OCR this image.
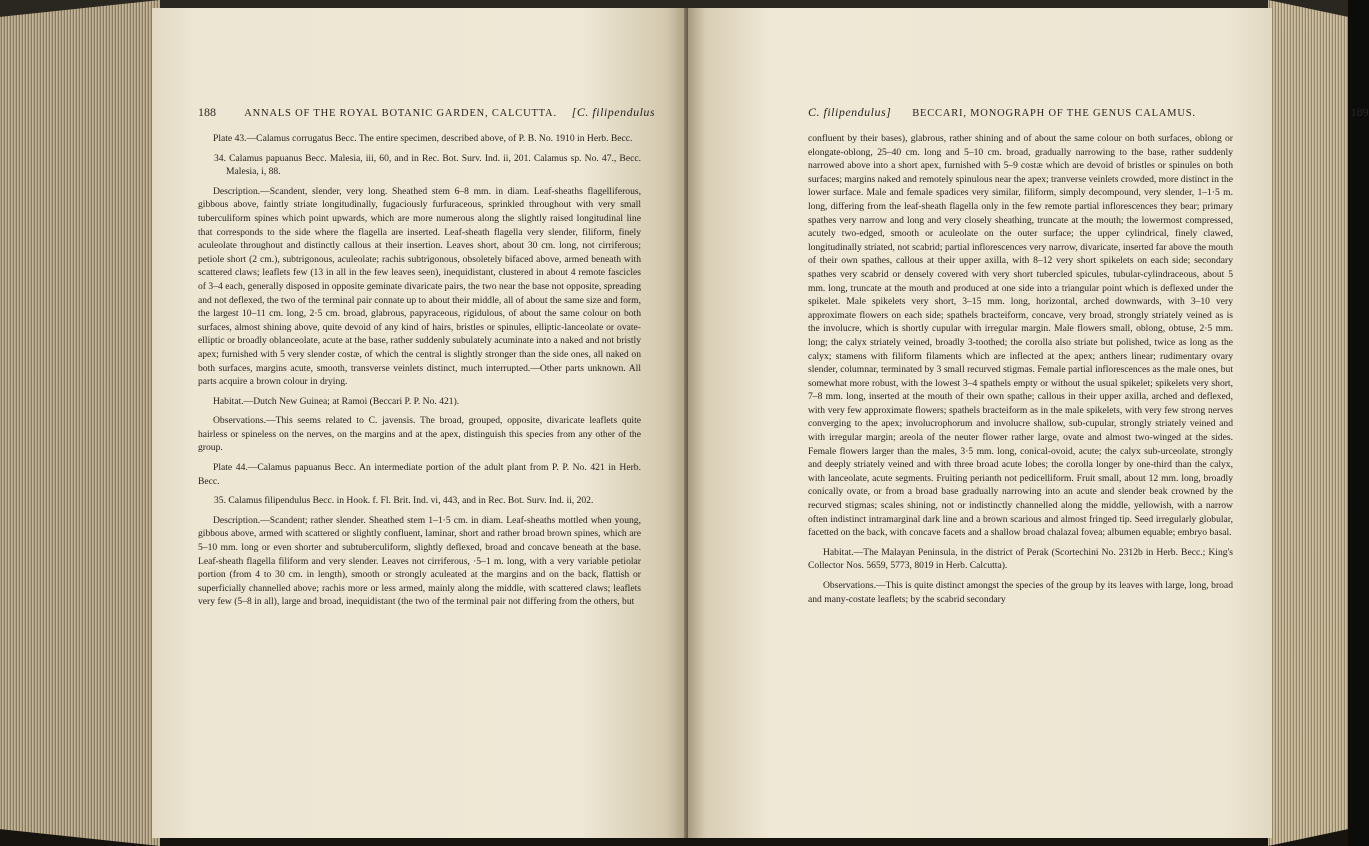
188	ANNALS OF THE ROYAL BOTANIC GARDEN, CALCUTTA. [C. filipendulus

Plate 43.—Calamus corrugatus Becc. The entire specimen, described above, of P. B. No. 1910 in Herb. Becc.

34. Calamus papuanus Becc. Malesia, iii, 60, and in Rec. Bot. Surv. Ind. ii, 201. Calamus sp. No. 47., Becc. Malesia, i, 88.

Description.—Scandent, slender, very long. Sheathed stem 6–8 mm. in diam. Leaf-sheaths flagelliferous, gibbous above, faintly striate longitudinally, fugaciously furfuraceous, sprinkled throughout with very small tuberculiform spines which point upwards, which are more numerous along the slightly raised longitudinal line that corresponds to the side where the flagella are inserted. Leaf-sheath flagella very slender, filiform, finely aculeolate throughout and distinctly callous at their insertion. Leaves short, about 30 cm. long, not cirriferous; petiole short (2 cm.), subtrigonous, aculeolate; rachis subtrigonous, obsoletely bifaced above, armed beneath with scattered claws; leaflets few (13 in all in the few leaves seen), inequidistant, clustered in about 4 remote fascicles of 3–4 each, generally disposed in opposite geminate divaricate pairs, the two near the base not opposite, spreading and not deflexed, the two of the terminal pair connate up to about their middle, all of about the same size and form, the largest 10–11 cm. long, 2·5 cm. broad, glabrous, papyraceous, rigidulous, of about the same colour on both surfaces, almost shining above, quite devoid of any kind of hairs, bristles or spinules, elliptic-lanceolate or ovate-elliptic or broadly oblanceolate, acute at the base, rather suddenly subulately acuminate into a naked and not bristly apex; furnished with 5 very slender costæ, of which the central is slightly stronger than the side ones, all naked on both surfaces, margins acute, smooth, transverse veinlets distinct, much interrupted.—Other parts unknown. All parts acquire a brown colour in drying.

Habitat.—Dutch New Guinea; at Ramoi (Beccari P. P. No. 421).

Observations.—This seems related to C. javensis. The broad, grouped, opposite, divaricate leaflets quite hairless or spineless on the nerves, on the margins and at the apex, distinguish this species from any other of the group.

Plate 44.—Calamus papuanus Becc. An intermediate portion of the adult plant from P. P. No. 421 in Herb. Becc.

35. Calamus filipendulus Becc. in Hook. f. Fl. Brit. Ind. vi, 443, and in Rec. Bot. Surv. Ind. ii, 202.

Description.—Scandent; rather slender. Sheathed stem 1–1·5 cm. in diam. Leaf-sheaths mottled when young, gibbous above, armed with scattered or slightly confluent, laminar, short and rather broad brown spines, which are 5–10 mm. long or even shorter and subtuberculiform, slightly deflexed, broad and concave beneath at the base. Leaf-sheath flagella filiform and very slender. Leaves not cirriferous, ·5–1 m. long, with a very variable petiolar portion (from 4 to 30 cm. in length), smooth or strongly aculeated at the margins and on the back, flattish or superficially channelled above; rachis more or less armed, mainly along the middle, with scattered claws; leaflets very few (5–8 in all), large and broad, inequidistant (the two of the terminal pair not differing from the others, but

C. filipendulus] BECCARI, MONOGRAPH OF THE GENUS CALAMUS.	189

confluent by their bases), glabrous, rather shining and of about the same colour on both surfaces, oblong or elongate-oblong, 25–40 cm. long and 5–10 cm. broad, gradually narrowing to the base, rather suddenly narrowed above into a short apex, furnished with 5–9 costæ which are devoid of bristles or spinules on both surfaces; margins naked and remotely spinulous near the apex; tranverse veinlets crowded, more distinct in the lower surface. Male and female spadices very similar, filiform, simply decompound, very slender, 1–1·5 m. long, differing from the leaf-sheath flagella only in the few remote partial inflorescences they bear; primary spathes very narrow and long and very closely sheathing, truncate at the mouth; the lowermost compressed, acutely two-edged, smooth or aculeolate on the outer surface; the upper cylindrical, finely clawed, longitudinally striated, not scabrid; partial inflorescences very narrow, divaricate, inserted far above the mouth of their own spathes, callous at their upper axilla, with 8–12 very short spikelets on each side; secondary spathes very scabrid or densely covered with very short tubercled spicules, tubular-cylindraceous, about 5 mm. long, truncate at the mouth and produced at one side into a triangular point which is deflexed under the spikelet. Male spikelets very short, 3–15 mm. long, horizontal, arched downwards, with 3–10 very approximate flowers on each side; spathels bracteiform, concave, very broad, strongly striately veined as is the involucre, which is shortly cupular with irregular margin. Male flowers small, oblong, obtuse, 2·5 mm. long; the calyx striately veined, broadly 3-toothed; the corolla also striate but polished, twice as long as the calyx; stamens with filiform filaments which are inflected at the apex; anthers linear; rudimentary ovary slender, columnar, terminated by 3 small recurved stigmas. Female partial inflorescences as the male ones, but somewhat more robust, with the lowest 3–4 spathels empty or without the usual spikelet; spikelets very short, 7–8 mm. long, inserted at the mouth of their own spathe; callous in their upper axilla, arched and deflexed, with very few approximate flowers; spathels bracteiform as in the male spikelets, with very few strong nerves converging to the apex; involucrophorum and involucre shallow, sub-cupular, strongly striately veined and with irregular margin; areola of the neuter flower rather large, ovate and almost two-winged at the sides. Female flowers larger than the males, 3·5 mm. long, conical-ovoid, acute; the calyx sub-urceolate, strongly and deeply striately veined and with three broad acute lobes; the corolla longer by one-third than the calyx, with lanceolate, acute segments. Fruiting perianth not pedicelliform. Fruit small, about 12 mm. long, broadly conically ovate, or from a broad base gradually narrowing into an acute and slender beak crowned by the recurved stigmas; scales shining, not or indistinctly channelled along the middle, yellowish, with a narrow often indistinct intramarginal dark line and a brown scarious and almost fringed tip. Seed irregularly globular, facetted on the back, with concave facets and a shallow broad chalazal fovea; albumen equable; embryo basal.

Habitat.—The Malayan Peninsula, in the district of Perak (Scortechini No. 2312b in Herb. Becc.; King's Collector Nos. 5659, 5773, 8019 in Herb. Calcutta).

Observations.—This is quite distinct amongst the species of the group by its leaves with large, long, broad and many-costate leaflets; by the scabrid secondary
